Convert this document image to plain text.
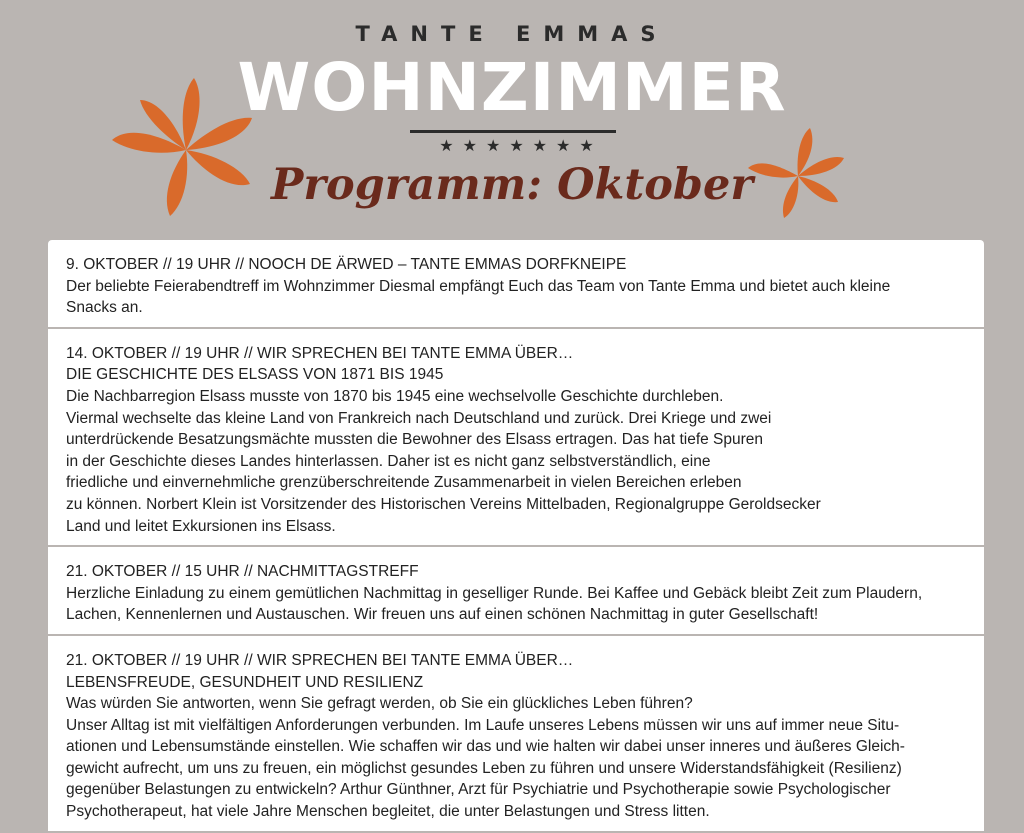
TANTE EMMAS
WOHNZIMMER
★★★★★★★
Programm: Oktober

9. OKTOBER // 19 UHR // NOOCH DE ÄRWED – TANTE EMMAS DORFKNEIPE

Der beliebte Feierabendtreff im Wohnzimmer Diesmal empfängt Euch das Team von Tante Emma und bietet auch kleine

Snacks an.

14. OKTOBER // 19 UHR // WIR SPRECHEN BEI TANTE EMMA ÜBER…

DIE GESCHICHTE DES ELSASS VON 1871 BIS 1945

Die Nachbarregion Elsass musste von 1870 bis 1945 eine wechselvolle Geschichte durchleben.

Viermal wechselte das kleine Land von Frankreich nach Deutschland und zurück. Drei Kriege und zwei

unterdrückende Besatzungsmächte mussten die Bewohner des Elsass ertragen. Das hat tiefe Spuren

in der Geschichte dieses Landes hinterlassen. Daher ist es nicht ganz selbstverständlich, eine

friedliche und einvernehmliche grenzüberschreitende Zusammenarbeit in vielen Bereichen erleben

zu können. Norbert Klein ist Vorsitzender des Historischen Vereins Mittelbaden, Regionalgruppe Geroldsecker

Land und leitet Exkursionen ins Elsass.

21. OKTOBER // 15 UHR // NACHMITTAGSTREFF

Herzliche Einladung zu einem gemütlichen Nachmittag in geselliger Runde. Bei Kaffee und Gebäck bleibt Zeit zum Plaudern,

Lachen, Kennenlernen und Austauschen. Wir freuen uns auf einen schönen Nachmittag in guter Gesellschaft!

21. OKTOBER // 19 UHR // WIR SPRECHEN BEI TANTE EMMA ÜBER…

LEBENSFREUDE, GESUNDHEIT UND RESILIENZ

Was würden Sie antworten, wenn Sie gefragt werden, ob Sie ein glückliches Leben führen?

Unser Alltag ist mit vielfältigen Anforderungen verbunden. Im Laufe unseres Lebens müssen wir uns auf immer neue Situ-

ationen und Lebensumstände einstellen. Wie schaffen wir das und wie halten wir dabei unser inneres und äußeres Gleich-

gewicht aufrecht, um uns zu freuen, ein möglichst gesundes Leben zu führen und unsere Widerstandsfähigkeit (Resilienz)

gegenüber Belastungen zu entwickeln? Arthur Günthner, Arzt für Psychiatrie und Psychotherapie sowie Psychologischer

Psychotherapeut, hat viele Jahre Menschen begleitet, die unter Belastungen und Stress litten.
